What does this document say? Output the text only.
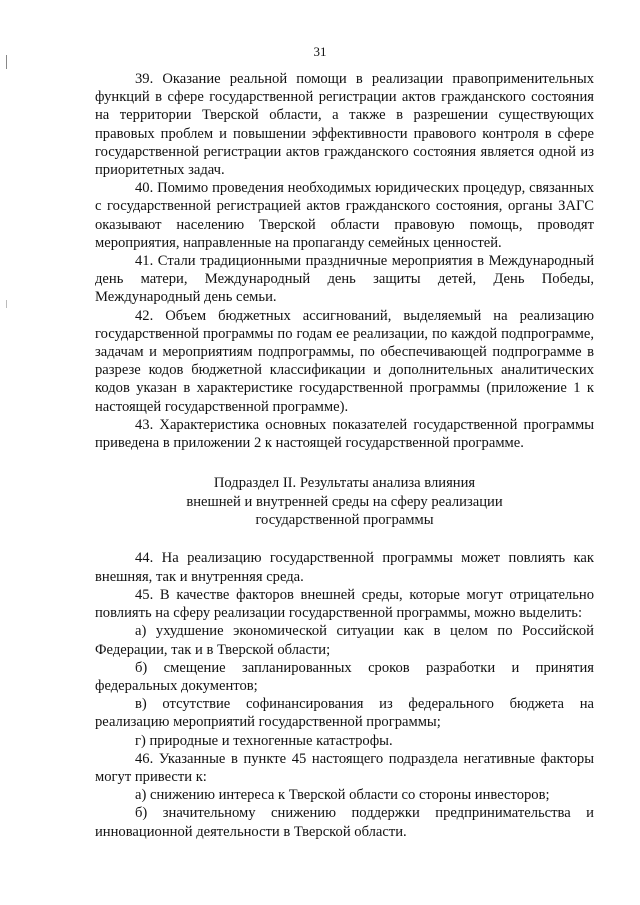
31

39. Оказание реальной помощи в реализации правоприменительных функций в сфере государственной регистрации актов гражданского состояния на территории Тверской области, а также в разрешении существующих правовых проблем и повышении эффективности правового контроля в сфере государственной регистрации актов гражданского состояния является одной из приоритетных задач.

40. Помимо проведения необходимых юридических процедур, связанных с государственной регистрацией актов гражданского состояния, органы ЗАГС оказывают населению Тверской области правовую помощь, проводят мероприятия, направленные на пропаганду семейных ценностей.

41. Стали традиционными праздничные мероприятия в Международный день матери, Международный день защиты детей, День Победы, Международный день семьи.

42. Объем бюджетных ассигнований, выделяемый на реализацию государственной программы по годам ее реализации, по каждой подпрограмме, задачам и мероприятиям подпрограммы, по обеспечивающей подпрограмме в разрезе кодов бюджетной классификации и дополнительных аналитических кодов указан в характеристике государственной программы (приложение 1 к настоящей государственной программе).

43. Характеристика основных показателей государственной программы приведена в приложении 2 к настоящей государственной программе.

Подраздел II. Результаты анализа влияния
внешней и внутренней среды на сферу реализации
государственной программы

44. На реализацию государственной программы может повлиять как внешняя, так и внутренняя среда.

45. В качестве факторов внешней среды, которые могут отрицательно повлиять на сферу реализации государственной программы, можно выделить:

а) ухудшение экономической ситуации как в целом по Российской Федерации, так и в Тверской области;

б) смещение запланированных сроков разработки и принятия федеральных документов;

в) отсутствие софинансирования из федерального бюджета на реализацию мероприятий государственной программы;

г) природные и техногенные катастрофы.

46. Указанные в пункте 45 настоящего подраздела негативные факторы могут привести к:

а) снижению интереса к Тверской области со стороны инвесторов;

б) значительному снижению поддержки предпринимательства и инновационной деятельности в Тверской области.
